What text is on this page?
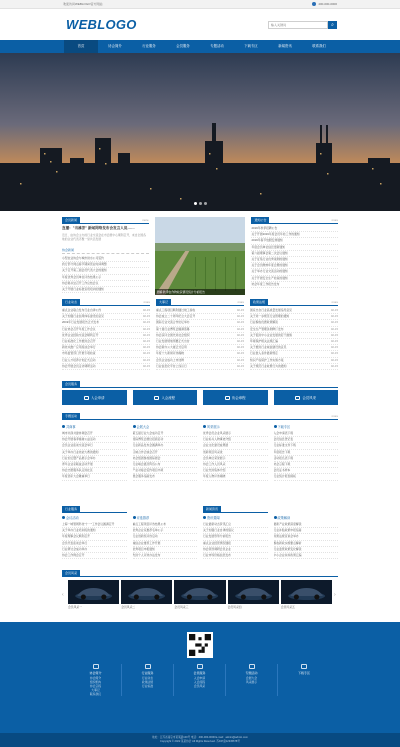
欢迎访问WEBLOGO官方网站	400-000-0000
WEBLOGO
输入关键词	⌕
首页	协会简介	行业服务	会员服务	专题活动	下载专区	新闻资讯	联系我们
会员新闻	more
直播："当雄茶" 新闻网络发布会发言人说……
近日，由协会主办的行业交流会在市会展中心顺利召开，来自全国各地的企业代表齐聚一堂共话发展
协会新闻
小型农业协会与城市供水公司签约
我行部分网点春节期间营业时间调整
关于召开第三届会员代表大会的通知
年度优秀会员单位评选结果公示
协会秘书处召开工作总结会议
关于开展行业标准宣贯培训的通知
图解:秋季农作物收获情况统计分析报告
通知公告	more
2019年秋季招聘公告
关于开展2019年度会员年检工作的通知
2019年春节放假安排通知
年度会员单位信息更新通知
第六届理事会第二次会议通知
关于征集行业优秀案例的通知
关于会员缴纳年度会费的通知
关于举办行业交流活动的通知
关于开展安全生产检查的通知
协会年度工作报告发布
行业动态	more
重点企业联合发布行业自律公约	02-15
关于加强行业信用体系建设的意见	02-15
2019年行业发展报告正式发布	02-15
行业协会召开年度工作会议	02-15
优秀企业经验交流会顺利召开	02-15
行业标准化工作推进会召开	02-15
新技术推广应用座谈会举行	02-15
市场监管部门开展专项检查	02-15
行业人才培养计划正式启动	02-15
协会开展会员走访调研活动	02-15
大事记	more
重点工程项目顺利通过竣工验收	02-15
协会成立二十周年纪念大会召开	02-15
国际行业交流合作论坛举办	02-15
第十届行业博览会圆满落幕	02-15
协会获评全国先进社会组织	02-15
行业发展规划纲要正式出台	02-15
协会新办公大楼正式启用	02-15
年度十大新闻评选揭晓	02-15
会员企业成功上市挂牌	02-15
行业信息化平台上线运行	02-15
政策法规	more
国家出台行业高质量发展指导意见	02-15
关于进一步规范行业管理的通知	02-15
行业税收优惠政策解读	02-15
安全生产管理条例修订发布	02-15
关于促进中小企业发展的若干措施	02-15
环境保护相关法规汇编	02-15
关于推进行业诚信建设的意见	02-15
行业准入条件最新规定	02-15
知识产权保护工作实施方案	02-15
关于规范行业收费行为的通知	02-15
会员服务
入会申请	入会流程	协会章程	会员风采
专题活动	more
共商事
城市共商共建协调会召开
协会开展春季植树公益活动
会员企业座谈交流会举行
关于举办行业技能大赛的通知
行业论坛暨产品展示会举办
青年企业家联谊活动开展
协会志愿服务队走进社区
年度表彰大会隆重举行
会展大会
第五届行业大会成功召开
国际博览会展位招商启动
行业新品发布会圆满举办
区域合作洽谈会召开
协会组团参加国际展会
行业峰会嘉宾阵容公布
产业对接会签约项目丰硕
展会服务指南发布
风采展示
优秀会员企业风采展示
行业标兵人物事迹介绍
企业文化建设成果展
创新项目风采录
会员单位荣誉展示
协会工作人员风采
行业先进集体介绍
年度人物评选揭晓
下载专区
入会申请表下载
会员信息登记表
行业标准文件下载
年度报告下载
活动报名表下载
协会章程下载
会员证书样本
行业统计报表模板
行业服务
会议活动
上海一城管网科技"十一"工作会议圆满召开
关于举办行业培训班的通知
年度理事会议顺利召开
会员代表座谈会举行
行业研讨会成功举办
协会工作例会召开
评选推荐
重点工程项目评选结果公布
优秀企业家推荐名单公示
行业创新奖评选启动
诚信企业推荐工作开展
优秀项目申报通知
先进个人评选办法发布
新闻资讯
资讯要闻
行业最新动态资讯汇总
关于加强行业自律的倡议
行业发展形势分析报告
重点企业经营情况通报
协会领导调研会员企业
行业市场价格信息发布
政策解读
最新产业政策深度解读
行业补贴政策申报指南
政策法规宣讲会举办
税收新政实施要点解析
行业监管政策变化解读
中小企业扶持政策汇编
会员风采
‹
会员风采一	会员风采二	会员风采三	会员风采四	会员风采五
›
协会简介
协会简介
组织机构
协会章程
大事记
联系我们
行业服务
行业动态
政策法规
行业标准
会员服务
入会申请
入会流程
会员风采
专题活动
会展大会
风采展示
下载专区
地址：江苏省南京市某某路100号 电话：400-000-0000 E-mail：admin@admin.com
Copyright © 2022 某某协会 All Rights Reserved. 苏ICP备12345678号
